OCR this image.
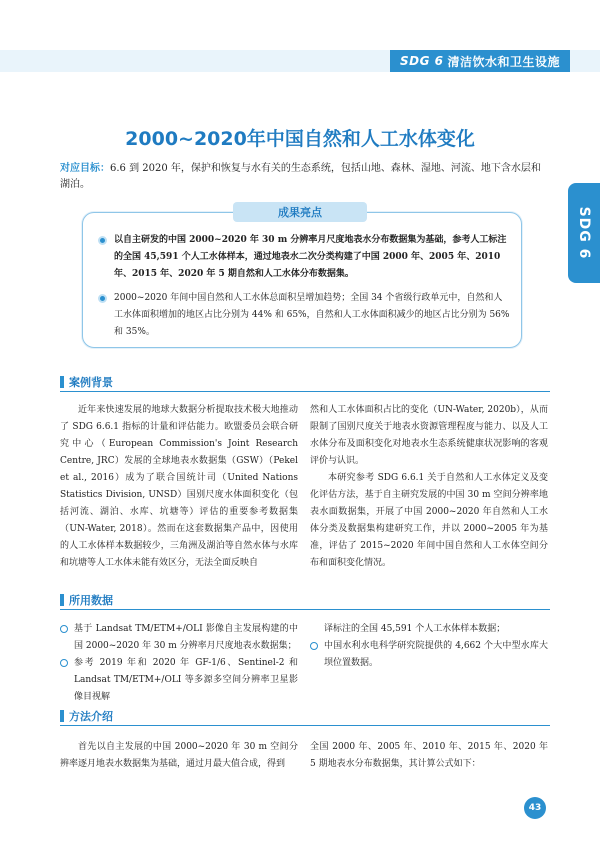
SDG 6 清洁饮水和卫生设施
SDG 6
2000~2020年中国自然和人工水体变化
对应目标：6.6 到 2020 年，保护和恢复与水有关的生态系统，包括山地、森林、湿地、河流、地下含水层和湖泊。
成果亮点
以自主研发的中国 2000~2020 年 30 m 分辨率月尺度地表水分布数据集为基础，参考人工标注的全国 45,591 个人工水体样本，通过地表水二次分类构建了中国 2000 年、2005 年、2010 年、2015 年、2020 年 5 期自然和人工水体分布数据集。
2000~2020 年间中国自然和人工水体总面积呈增加趋势；全国 34 个省级行政单元中，自然和人工水体面积增加的地区占比分别为 44% 和 65%，自然和人工水体面积减少的地区占比分别为 56% 和 35%。
案例背景

近年来快速发展的地球大数据分析提取技术极大地推动了 SDG 6.6.1 指标的计量和评估能力。欧盟委员会联合研究中心（European Commission's Joint Research Centre, JRC）发展的全球地表水数据集（GSW）（Pekel et al., 2016）成为了联合国统计司（United Nations Statistics Division, UNSD）国别尺度水体面积变化（包括河流、湖泊、水库、坑塘等）评估的重要参考数据集（UN-Water, 2018）。然而在这套数据集产品中，因使用的人工水体样本数据较少，三角洲及湖泊等自然水体与水库和坑塘等人工水体未能有效区分，无法全面反映自

然和人工水体面积占比的变化（UN-Water, 2020b），从而限制了国别尺度关于地表水资源管理程度与能力、以及人工水体分布及面积变化对地表水生态系统健康状况影响的客观评价与认识。

本研究参考 SDG 6.6.1 关于自然和人工水体定义及变化评估方法，基于自主研究发展的中国 30 m 空间分辨率地表水面数据集，开展了中国 2000~2020 年自然和人工水体分类及数据集构建研究工作，并以 2000~2005 年为基准，评估了 2015~2020 年间中国自然和人工水体空间分布和面积变化情况。

所用数据
基于 Landsat TM/ETM+/OLI 影像自主发展构建的中国 2000~2020 年 30 m 分辨率月尺度地表水数据集；
参考 2019 年和 2020 年 GF-1/6、Sentinel-2 和 Landsat TM/ETM+/OLI 等多源多空间分辨率卫星影像目视解
译标注的全国 45,591 个人工水体样本数据；
中国水利水电科学研究院提供的 4,662 个大中型水库大坝位置数据。
方法介绍

首先以自主发展的中国 2000~2020 年 30 m 空间分辨率逐月地表水数据集为基础，通过月最大值合成，得到

全国 2000 年、2005 年、2010 年、2015 年、2020 年 5 期地表水分布数据集，其计算公式如下：

43
